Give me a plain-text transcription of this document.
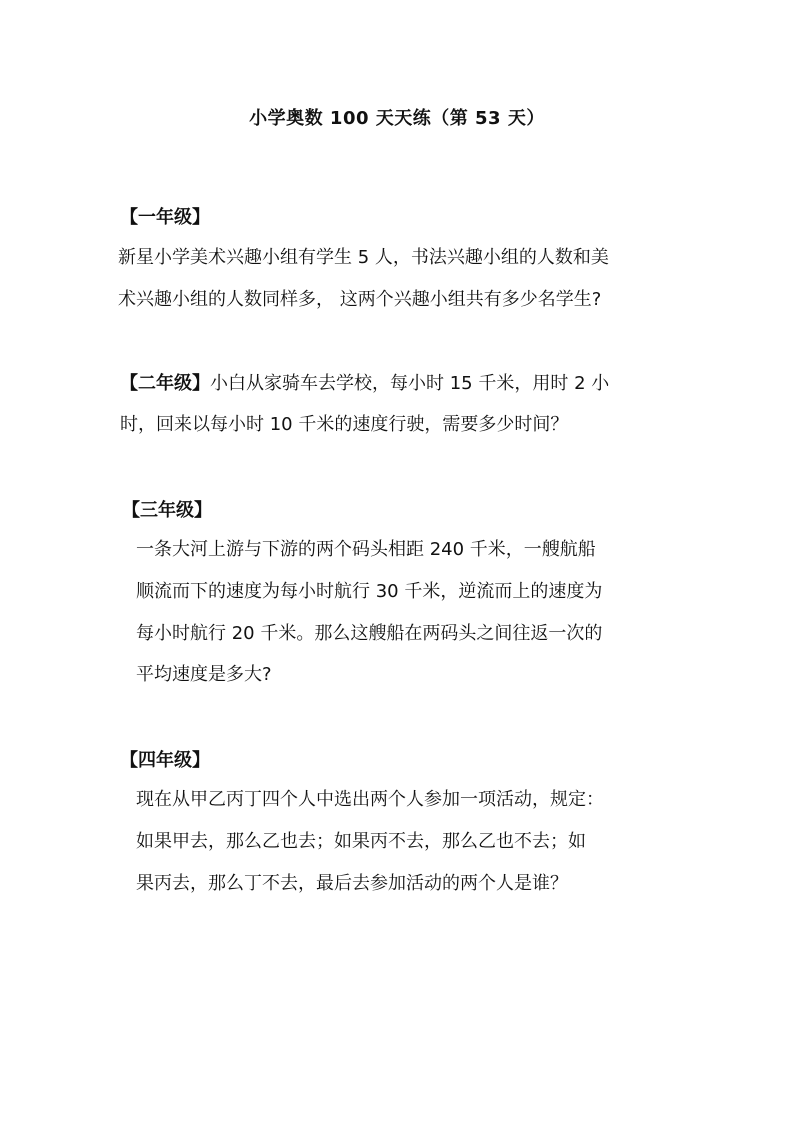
小学奥数 100 天天练（第 53 天）
【一年级】
新星小学美术兴趣小组有学生 5 人，书法兴趣小组的人数和美
术兴趣小组的人数同样多， 这两个兴趣小组共有多少名学生?
【二年级】小白从家骑车去学校，每小时 15 千米，用时 2 小
时，回来以每小时 10 千米的速度行驶，需要多少时间？
【三年级】
一条大河上游与下游的两个码头相距 240 千米，一艘航船
顺流而下的速度为每小时航行 30 千米，逆流而上的速度为
每小时航行 20 千米。那么这艘船在两码头之间往返一次的
平均速度是多大?
【四年级】
现在从甲乙丙丁四个人中选出两个人参加一项活动，规定：
如果甲去，那么乙也去；如果丙不去，那么乙也不去；如
果丙去，那么丁不去，最后去参加活动的两个人是谁？
